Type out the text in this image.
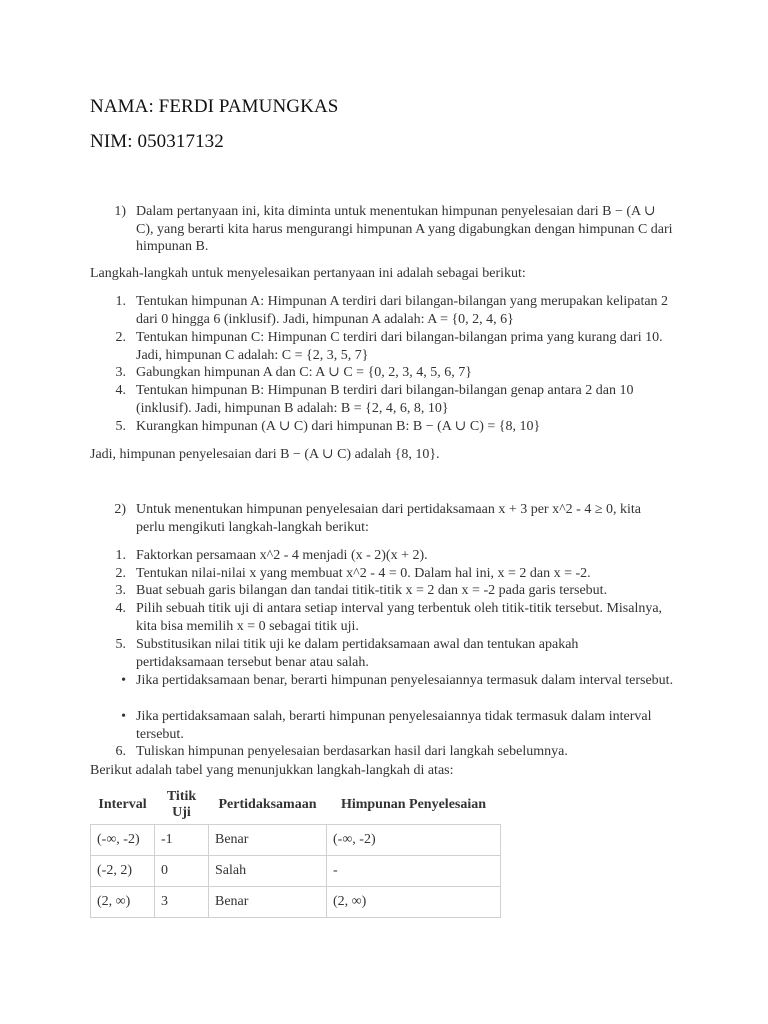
NAMA: FERDI PAMUNGKAS
NIM: 050317132
1) Dalam pertanyaan ini, kita diminta untuk menentukan himpunan penyelesaian dari B − (A ∪ C), yang berarti kita harus mengurangi himpunan A yang digabungkan dengan himpunan C dari himpunan B.
Langkah-langkah untuk menyelesaikan pertanyaan ini adalah sebagai berikut:
1. Tentukan himpunan A: Himpunan A terdiri dari bilangan-bilangan yang merupakan kelipatan 2 dari 0 hingga 6 (inklusif). Jadi, himpunan A adalah: A = {0, 2, 4, 6}
2. Tentukan himpunan C: Himpunan C terdiri dari bilangan-bilangan prima yang kurang dari 10. Jadi, himpunan C adalah: C = {2, 3, 5, 7}
3. Gabungkan himpunan A dan C: A ∪ C = {0, 2, 3, 4, 5, 6, 7}
4. Tentukan himpunan B: Himpunan B terdiri dari bilangan-bilangan genap antara 2 dan 10 (inklusif). Jadi, himpunan B adalah: B = {2, 4, 6, 8, 10}
5. Kurangkan himpunan (A ∪ C) dari himpunan B: B − (A ∪ C) = {8, 10}
Jadi, himpunan penyelesaian dari B − (A ∪ C) adalah {8, 10}.
2) Untuk menentukan himpunan penyelesaian dari pertidaksamaan x + 3 per x^2 - 4 ≥ 0, kita perlu mengikuti langkah-langkah berikut:
1. Faktorkan persamaan x^2 - 4 menjadi (x - 2)(x + 2).
2. Tentukan nilai-nilai x yang membuat x^2 - 4 = 0. Dalam hal ini, x = 2 dan x = -2.
3. Buat sebuah garis bilangan dan tandai titik-titik x = 2 dan x = -2 pada garis tersebut.
4. Pilih sebuah titik uji di antara setiap interval yang terbentuk oleh titik-titik tersebut. Misalnya, kita bisa memilih x = 0 sebagai titik uji.
5. Substitusikan nilai titik uji ke dalam pertidaksamaan awal dan tentukan apakah pertidaksamaan tersebut benar atau salah.
• Jika pertidaksamaan benar, berarti himpunan penyelesaiannya termasuk dalam interval tersebut.
• Jika pertidaksamaan salah, berarti himpunan penyelesaiannya tidak termasuk dalam interval tersebut.
6. Tuliskan himpunan penyelesaian berdasarkan hasil dari langkah sebelumnya.
Berikut adalah tabel yang menunjukkan langkah-langkah di atas:
Interval	Titik Uji	Pertidaksamaan	Himpunan Penyelesaian
(-∞, -2)	-1	Benar	(-∞, -2)
(-2, 2)	0	Salah	-
(2, ∞)	3	Benar	(2, ∞)
